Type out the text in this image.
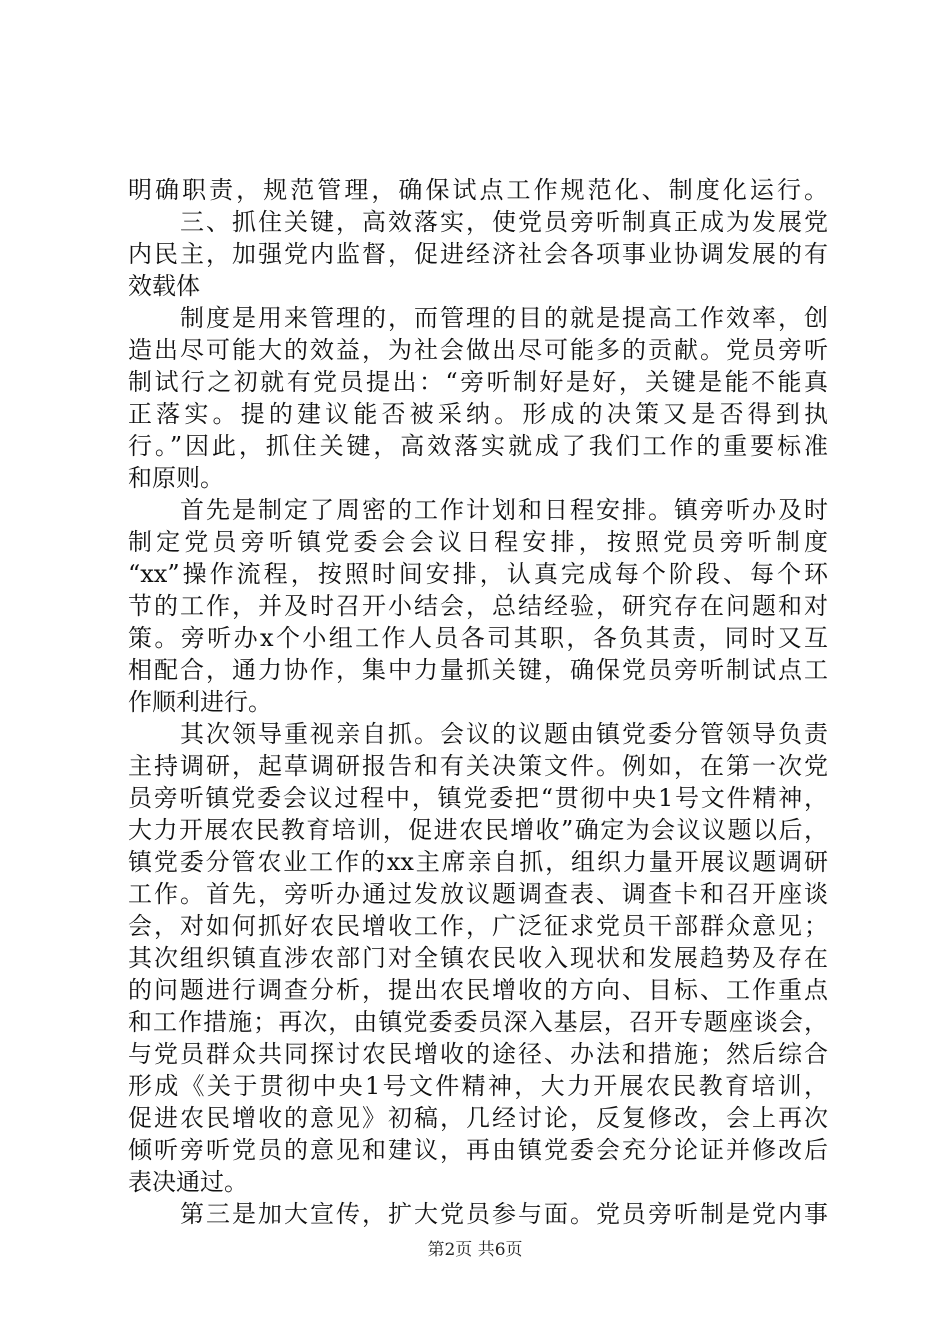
明确职责，规范管理，确保试点工作规范化、制度化运行。
三、抓住关键，高效落实，使党员旁听制真正成为发展党
内民主，加强党内监督，促进经济社会各项事业协调发展的有
效载体
制度是用来管理的，而管理的目的就是提高工作效率，创
造出尽可能大的效益，为社会做出尽可能多的贡献。党员旁听
制试行之初就有党员提出：“旁听制好是好，关键是能不能真
正落实。提的建议能否被采纳。形成的决策又是否得到执
行。”因此，抓住关键，高效落实就成了我们工作的重要标准
和原则。
首先是制定了周密的工作计划和日程安排。镇旁听办及时
制定党员旁听镇党委会会议日程安排，按照党员旁听制度
“xx”操作流程，按照时间安排，认真完成每个阶段、每个环
节的工作，并及时召开小结会，总结经验，研究存在问题和对
策。旁听办x个小组工作人员各司其职，各负其责，同时又互
相配合，通力协作，集中力量抓关键，确保党员旁听制试点工
作顺利进行。
其次领导重视亲自抓。会议的议题由镇党委分管领导负责
主持调研，起草调研报告和有关决策文件。例如，在第一次党
员旁听镇党委会议过程中，镇党委把“贯彻中央1号文件精神，
大力开展农民教育培训，促进农民增收”确定为会议议题以后，
镇党委分管农业工作的xx主席亲自抓，组织力量开展议题调研
工作。首先，旁听办通过发放议题调查表、调查卡和召开座谈
会，对如何抓好农民增收工作，广泛征求党员干部群众意见；
其次组织镇直涉农部门对全镇农民收入现状和发展趋势及存在
的问题进行调查分析，提出农民增收的方向、目标、工作重点
和工作措施；再次，由镇党委委员深入基层，召开专题座谈会，
与党员群众共同探讨农民增收的途径、办法和措施；然后综合
形成《关于贯彻中央1号文件精神，大力开展农民教育培训，
促进农民增收的意见》初稿，几经讨论，反复修改，会上再次
倾听旁听党员的意见和建议，再由镇党委会充分论证并修改后
表决通过。
第三是加大宣传，扩大党员参与面。党员旁听制是党内事
第2页 共6页
